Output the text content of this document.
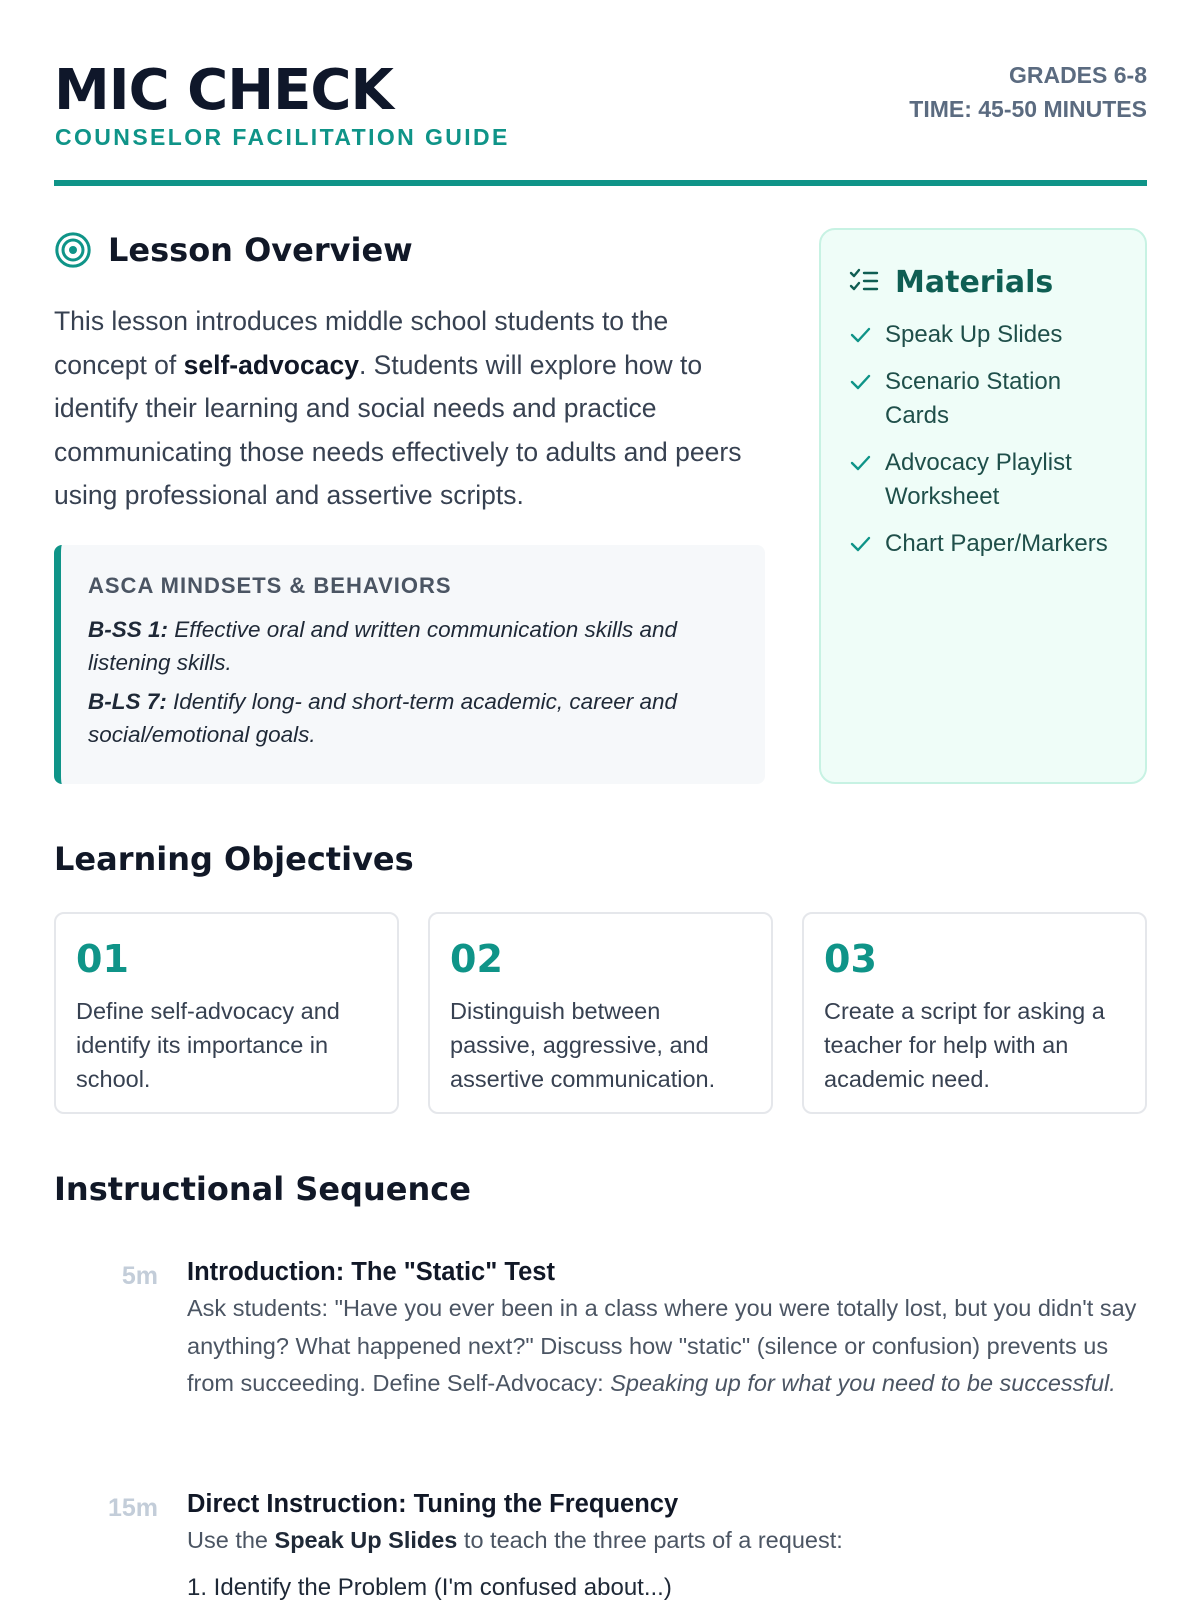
MIC CHECK
COUNSELOR FACILITATION GUIDE
GRADES 6-8
TIME: 45-50 MINUTES
Lesson Overview

This lesson introduces middle school students to the concept of self-advocacy. Students will explore how to identify their learning and social needs and practice communicating those needs effectively to adults and peers using professional and assertive scripts.

ASCA MINDSETS & BEHAVIORS

B-SS 1: Effective oral and written communication skills and listening skills.

B-LS 7: Identify long- and short-term academic, career and social/emotional goals.

Materials
Speak Up Slides
Scenario Station Cards
Advocacy Playlist Worksheet
Chart Paper/Markers
Learning Objectives
01
Define self-advocacy and identify its importance in school.
02
Distinguish between passive, aggressive, and assertive communication.
03
Create a script for asking a teacher for help with an academic need.
Instructional Sequence
5m Introduction: The "Static" Test

Ask students: "Have you ever been in a class where you were totally lost, but you didn't say anything? What happened next?" Discuss how "static" (silence or confusion) prevents us from succeeding. Define Self-Advocacy: Speaking up for what you need to be successful.

15m Direct Instruction: Tuning the Frequency

Use the Speak Up Slides to teach the three parts of a request:

1. Identify the Problem (I'm confused about...)
